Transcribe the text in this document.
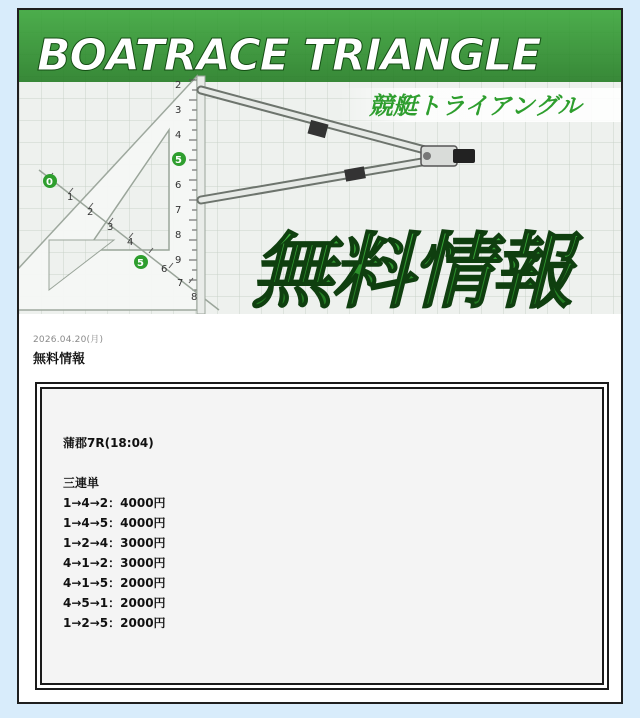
2
3
4
6
7
8
9
5
1
2
3
4
6
7
8
0
5
BOATRACE TRIANGLE
競艇トライアングル
無料情報
2026.04.20(月)
無料情報
蒲郡7R(18:04)
三連単
1→4→2：4000円
1→4→5：4000円
1→2→4：3000円
4→1→2：3000円
4→1→5：2000円
4→5→1：2000円
1→2→5：2000円
